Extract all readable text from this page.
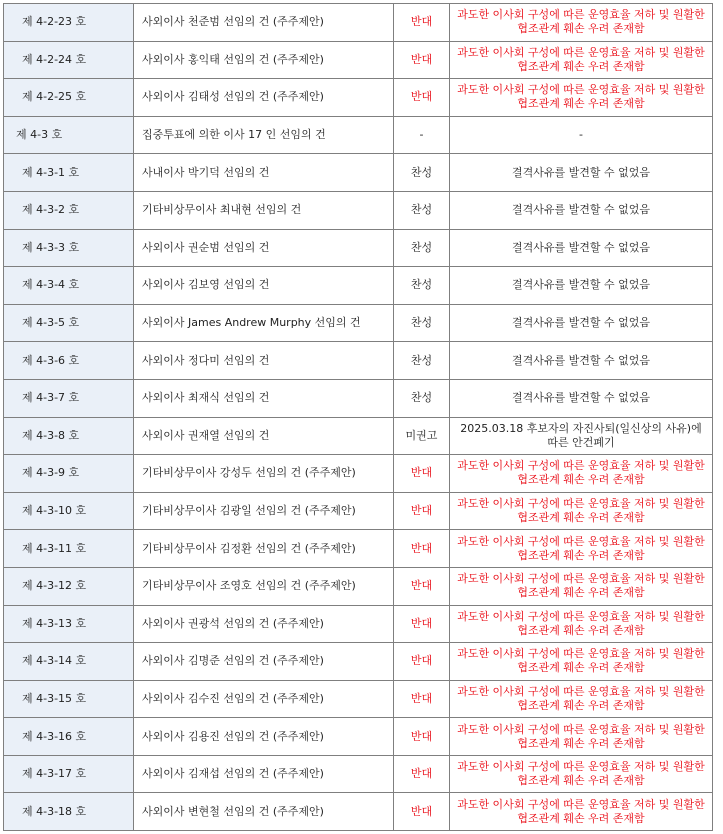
제 4-2-23 호	사외이사 천준범 선임의 건 (주주제안)	반대	과도한 이사회 구성에 따른 운영효율 저하 및 원활한 협조관계 훼손 우려 존재함
제 4-2-24 호	사외이사 홍익태 선임의 건 (주주제안)	반대	과도한 이사회 구성에 따른 운영효율 저하 및 원활한 협조관계 훼손 우려 존재함
제 4-2-25 호	사외이사 김태성 선임의 건 (주주제안)	반대	과도한 이사회 구성에 따른 운영효율 저하 및 원활한 협조관계 훼손 우려 존재함
제 4-3 호	집중투표에 의한 이사 17 인 선임의 건	-	-
제 4-3-1 호	사내이사 박기덕 선임의 건	찬성	결격사유를 발견할 수 없었음
제 4-3-2 호	기타비상무이사 최내현 선임의 건	찬성	결격사유를 발견할 수 없었음
제 4-3-3 호	사외이사 권순범 선임의 건	찬성	결격사유를 발견할 수 없었음
제 4-3-4 호	사외이사 김보영 선임의 건	찬성	결격사유를 발견할 수 없었음
제 4-3-5 호	사외이사 James Andrew Murphy 선임의 건	찬성	결격사유를 발견할 수 없었음
제 4-3-6 호	사외이사 정다미 선임의 건	찬성	결격사유를 발견할 수 없었음
제 4-3-7 호	사외이사 최재식 선임의 건	찬성	결격사유를 발견할 수 없었음
제 4-3-8 호	사외이사 권재열 선임의 건	미권고	2025.03.18 후보자의 자진사퇴(일신상의 사유)에 따른 안건폐기
제 4-3-9 호	기타비상무이사 강성두 선임의 건 (주주제안)	반대	과도한 이사회 구성에 따른 운영효율 저하 및 원활한 협조관계 훼손 우려 존재함
제 4-3-10 호	기타비상무이사 김광일 선임의 건 (주주제안)	반대	과도한 이사회 구성에 따른 운영효율 저하 및 원활한 협조관계 훼손 우려 존재함
제 4-3-11 호	기타비상무이사 김정환 선임의 건 (주주제안)	반대	과도한 이사회 구성에 따른 운영효율 저하 및 원활한 협조관계 훼손 우려 존재함
제 4-3-12 호	기타비상무이사 조영호 선임의 건 (주주제안)	반대	과도한 이사회 구성에 따른 운영효율 저하 및 원활한 협조관계 훼손 우려 존재함
제 4-3-13 호	사외이사 권광석 선임의 건 (주주제안)	반대	과도한 이사회 구성에 따른 운영효율 저하 및 원활한 협조관계 훼손 우려 존재함
제 4-3-14 호	사외이사 김명준 선임의 건 (주주제안)	반대	과도한 이사회 구성에 따른 운영효율 저하 및 원활한 협조관계 훼손 우려 존재함
제 4-3-15 호	사외이사 김수진 선임의 건 (주주제안)	반대	과도한 이사회 구성에 따른 운영효율 저하 및 원활한 협조관계 훼손 우려 존재함
제 4-3-16 호	사외이사 김용진 선임의 건 (주주제안)	반대	과도한 이사회 구성에 따른 운영효율 저하 및 원활한 협조관계 훼손 우려 존재함
제 4-3-17 호	사외이사 김재섭 선임의 건 (주주제안)	반대	과도한 이사회 구성에 따른 운영효율 저하 및 원활한 협조관계 훼손 우려 존재함
제 4-3-18 호	사외이사 변현철 선임의 건 (주주제안)	반대	과도한 이사회 구성에 따른 운영효율 저하 및 원활한 협조관계 훼손 우려 존재함
